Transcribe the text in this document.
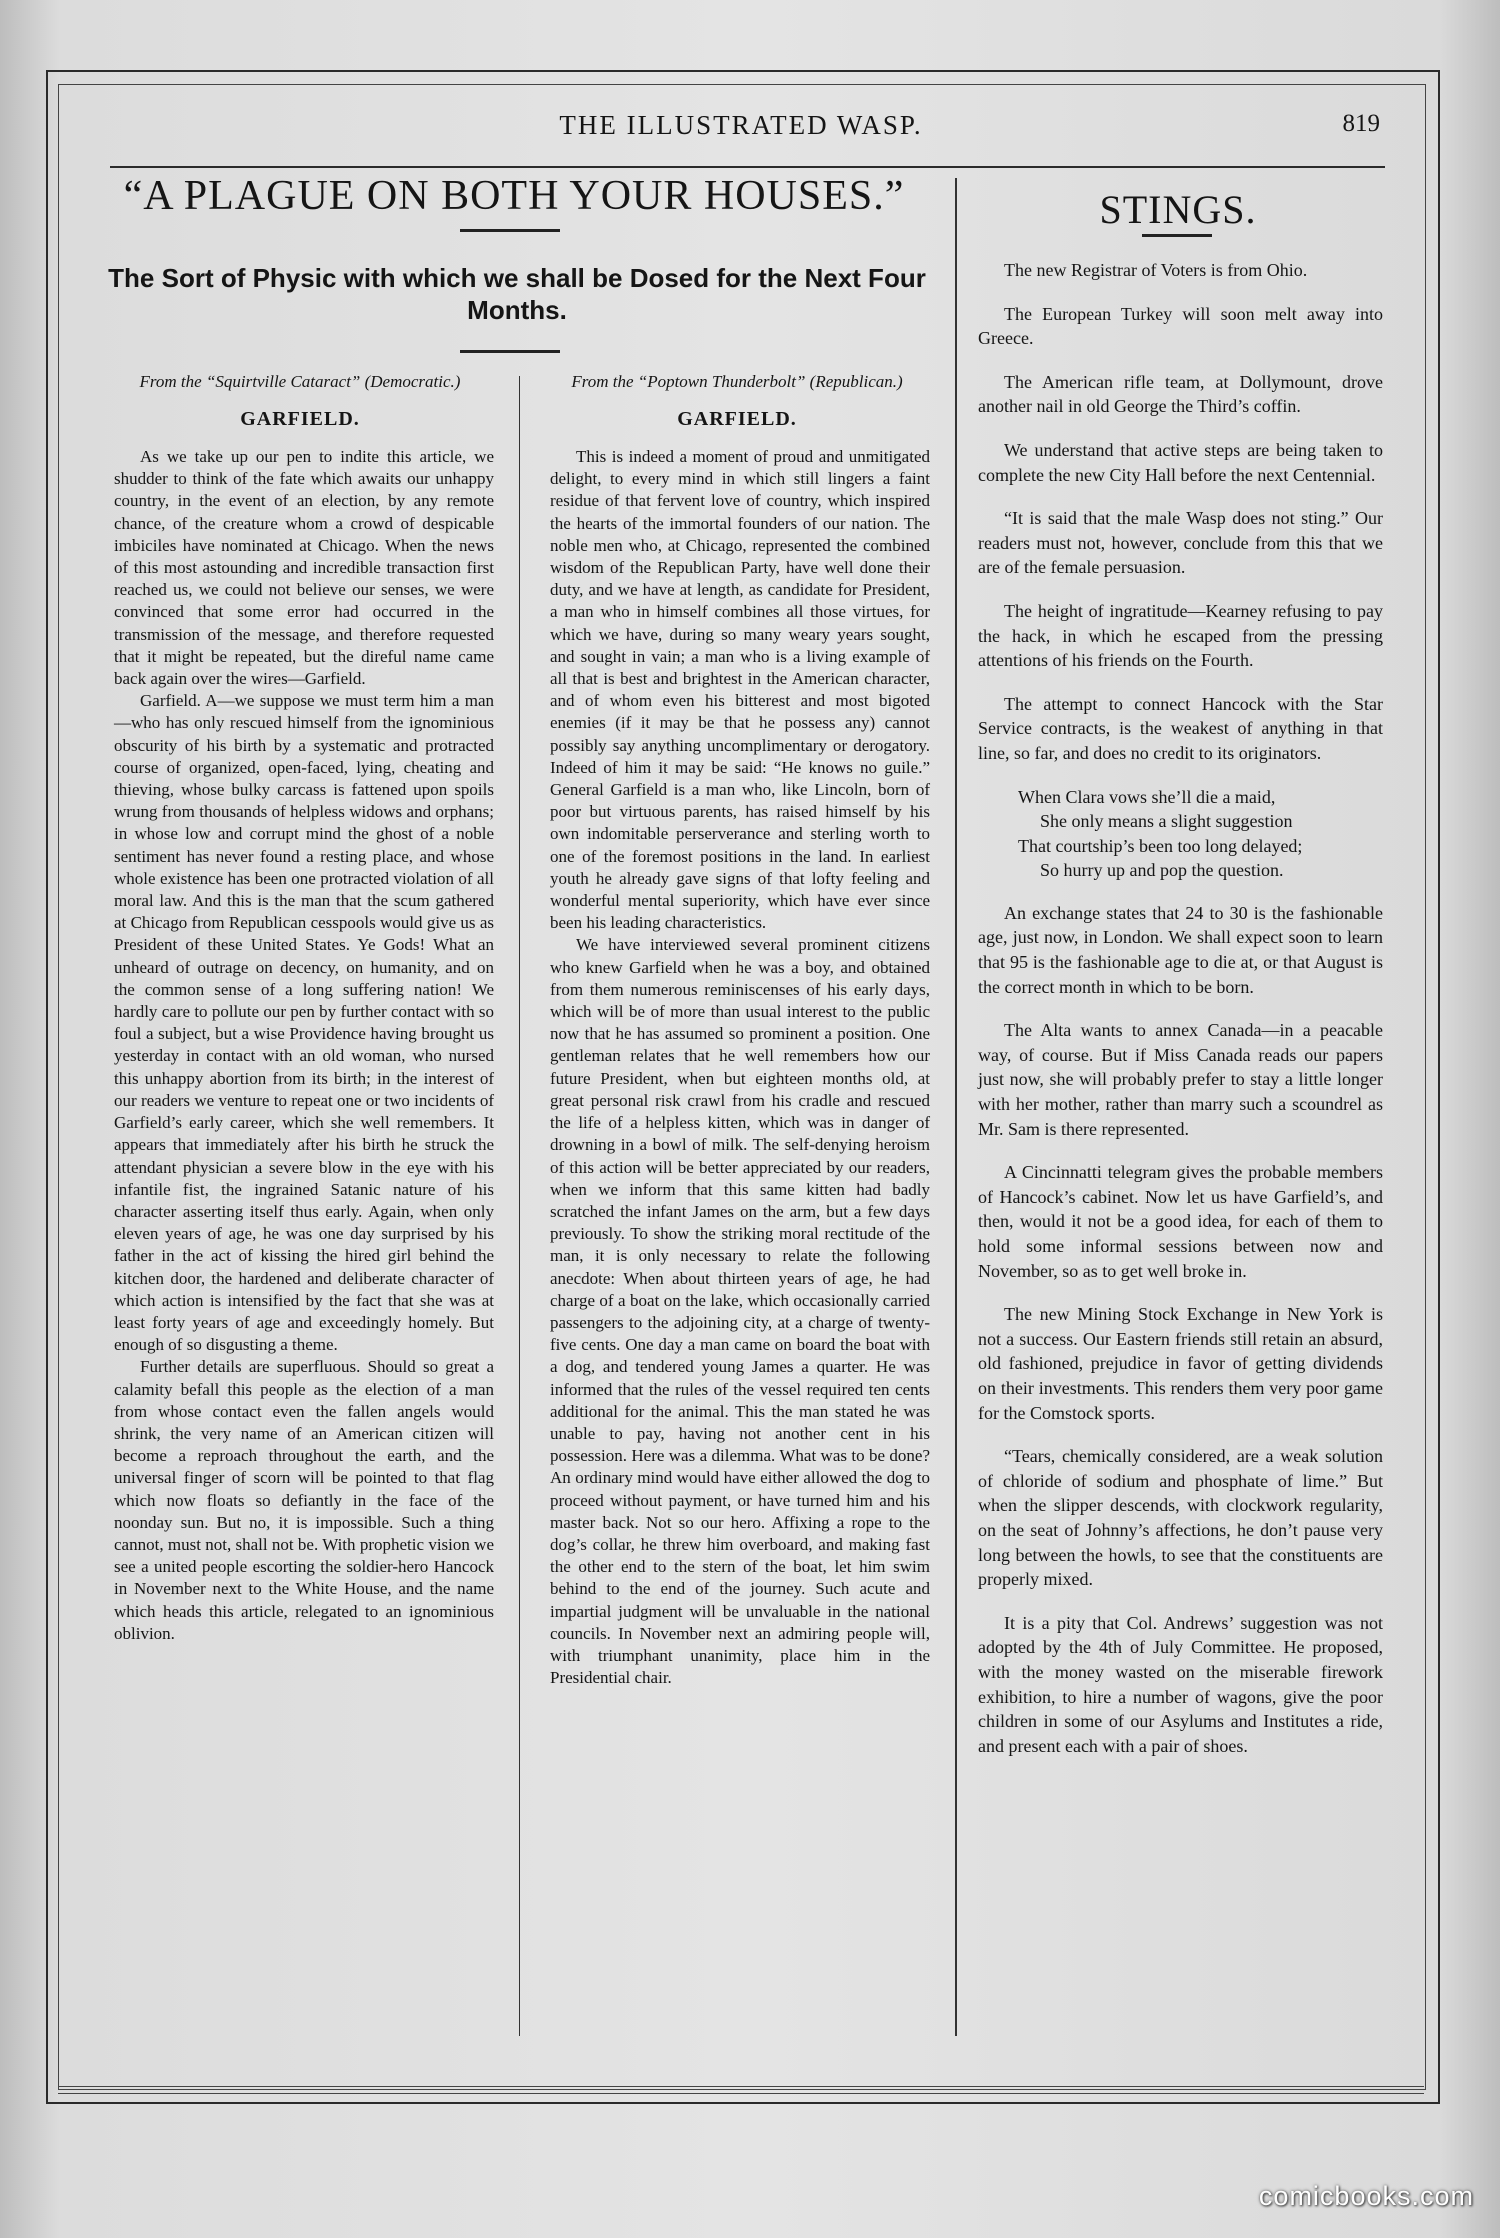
THE ILLUSTRATED WASP.	819
“A PLAGUE ON BOTH YOUR HOUSES.”
The Sort of Physic with which we shall be Dosed for the Next Four Months.
From the “Squirtville Cataract” (Democratic.)
GARFIELD.

As we take up our pen to indite this article, we shudder to think of the fate which awaits our unhappy country, in the event of an election, by any remote chance, of the creature whom a crowd of despicable imbiciles have nominated at Chicago. When the news of this most astounding and incredible transaction first reached us, we could not believe our senses, we were convinced that some error had occurred in the transmission of the message, and therefore requested that it might be repeated, but the direful name came back again over the wires—Garfield.

Garfield. A—we suppose we must term him a man—who has only rescued himself from the ignominious obscurity of his birth by a systematic and protracted course of organized, open-faced, lying, cheating and thieving, whose bulky carcass is fattened upon spoils wrung from thousands of helpless widows and orphans; in whose low and corrupt mind the ghost of a noble sentiment has never found a resting place, and whose whole existence has been one protracted violation of all moral law. And this is the man that the scum gathered at Chicago from Republican cesspools would give us as President of these United States. Ye Gods! What an unheard of outrage on decency, on humanity, and on the common sense of a long suffering nation! We hardly care to pollute our pen by further contact with so foul a subject, but a wise Providence having brought us yesterday in contact with an old woman, who nursed this unhappy abortion from its birth; in the interest of our readers we venture to repeat one or two incidents of Garfield’s early career, which she well remembers. It appears that immediately after his birth he struck the attendant physician a severe blow in the eye with his infantile fist, the ingrained Satanic nature of his character asserting itself thus early. Again, when only eleven years of age, he was one day surprised by his father in the act of kissing the hired girl behind the kitchen door, the hardened and deliberate character of which action is intensified by the fact that she was at least forty years of age and exceedingly homely. But enough of so disgusting a theme.

Further details are superfluous. Should so great a calamity befall this people as the election of a man from whose contact even the fallen angels would shrink, the very name of an American citizen will become a reproach throughout the earth, and the universal finger of scorn will be pointed to that flag which now floats so defiantly in the face of the noonday sun. But no, it is impossible. Such a thing cannot, must not, shall not be. With prophetic vision we see a united people escorting the soldier-hero Hancock in November next to the White House, and the name which heads this article, relegated to an ignominious oblivion.

From the “Poptown Thunderbolt” (Republican.)
GARFIELD.

This is indeed a moment of proud and unmitigated delight, to every mind in which still lingers a faint residue of that fervent love of country, which inspired the hearts of the immortal founders of our nation. The noble men who, at Chicago, represented the combined wisdom of the Republican Party, have well done their duty, and we have at length, as candidate for President, a man who in himself combines all those virtues, for which we have, during so many weary years sought, and sought in vain; a man who is a living example of all that is best and brightest in the American character, and of whom even his bitterest and most bigoted enemies (if it may be that he possess any) cannot possibly say anything uncomplimentary or derogatory. Indeed of him it may be said: “He knows no guile.” General Garfield is a man who, like Lincoln, born of poor but virtuous parents, has raised himself by his own indomitable perserverance and sterling worth to one of the foremost positions in the land. In earliest youth he already gave signs of that lofty feeling and wonderful mental superiority, which have ever since been his leading characteristics.

We have interviewed several prominent citizens who knew Garfield when he was a boy, and obtained from them numerous reminiscenses of his early days, which will be of more than usual interest to the public now that he has assumed so prominent a position. One gentleman relates that he well remembers how our future President, when but eighteen months old, at great personal risk crawl from his cradle and rescued the life of a helpless kitten, which was in danger of drowning in a bowl of milk. The self-denying heroism of this action will be better appreciated by our readers, when we inform that this same kitten had badly scratched the infant James on the arm, but a few days previously. To show the striking moral rectitude of the man, it is only necessary to relate the following anecdote: When about thirteen years of age, he had charge of a boat on the lake, which occasionally carried passengers to the adjoining city, at a charge of twenty-five cents. One day a man came on board the boat with a dog, and tendered young James a quarter. He was informed that the rules of the vessel required ten cents additional for the animal. This the man stated he was unable to pay, having not another cent in his possession. Here was a dilemma. What was to be done? An ordinary mind would have either allowed the dog to proceed without payment, or have turned him and his master back. Not so our hero. Affixing a rope to the dog’s collar, he threw him overboard, and making fast the other end to the stern of the boat, let him swim behind to the end of the journey. Such acute and impartial judgment will be unvaluable in the national councils. In November next an admiring people will, with triumphant unanimity, place him in the Presidential chair.

STINGS.

The new Registrar of Voters is from Ohio.

The European Turkey will soon melt away into Greece.

The American rifle team, at Dollymount, drove another nail in old George the Third’s coffin.

We understand that active steps are being taken to complete the new City Hall before the next Centennial.

“It is said that the male Wasp does not sting.” Our readers must not, however, conclude from this that we are of the female persuasion.

The height of ingratitude—Kearney refusing to pay the hack, in which he escaped from the pressing attentions of his friends on the Fourth.

The attempt to connect Hancock with the Star Service contracts, is the weakest of anything in that line, so far, and does no credit to its originators.

When Clara vows she’ll die a maid,
She only means a slight suggestion
That courtship’s been too long delayed;
So hurry up and pop the question.

An exchange states that 24 to 30 is the fashionable age, just now, in London. We shall expect soon to learn that 95 is the fashionable age to die at, or that August is the correct month in which to be born.

The Alta wants to annex Canada—in a peacable way, of course. But if Miss Canada reads our papers just now, she will probably prefer to stay a little longer with her mother, rather than marry such a scoundrel as Mr. Sam is there represented.

A Cincinnatti telegram gives the probable members of Hancock’s cabinet. Now let us have Garfield’s, and then, would it not be a good idea, for each of them to hold some informal sessions between now and November, so as to get well broke in.

The new Mining Stock Exchange in New York is not a success. Our Eastern friends still retain an absurd, old fashioned, prejudice in favor of getting dividends on their investments. This renders them very poor game for the Comstock sports.

“Tears, chemically considered, are a weak solution of chloride of sodium and phosphate of lime.” But when the slipper descends, with clockwork regularity, on the seat of Johnny’s affections, he don’t pause very long between the howls, to see that the constituents are properly mixed.

It is a pity that Col. Andrews’ suggestion was not adopted by the 4th of July Committee. He proposed, with the money wasted on the miserable firework exhibition, to hire a number of wagons, give the poor children in some of our Asylums and Institutes a ride, and present each with a pair of shoes.

comicbooks.com
